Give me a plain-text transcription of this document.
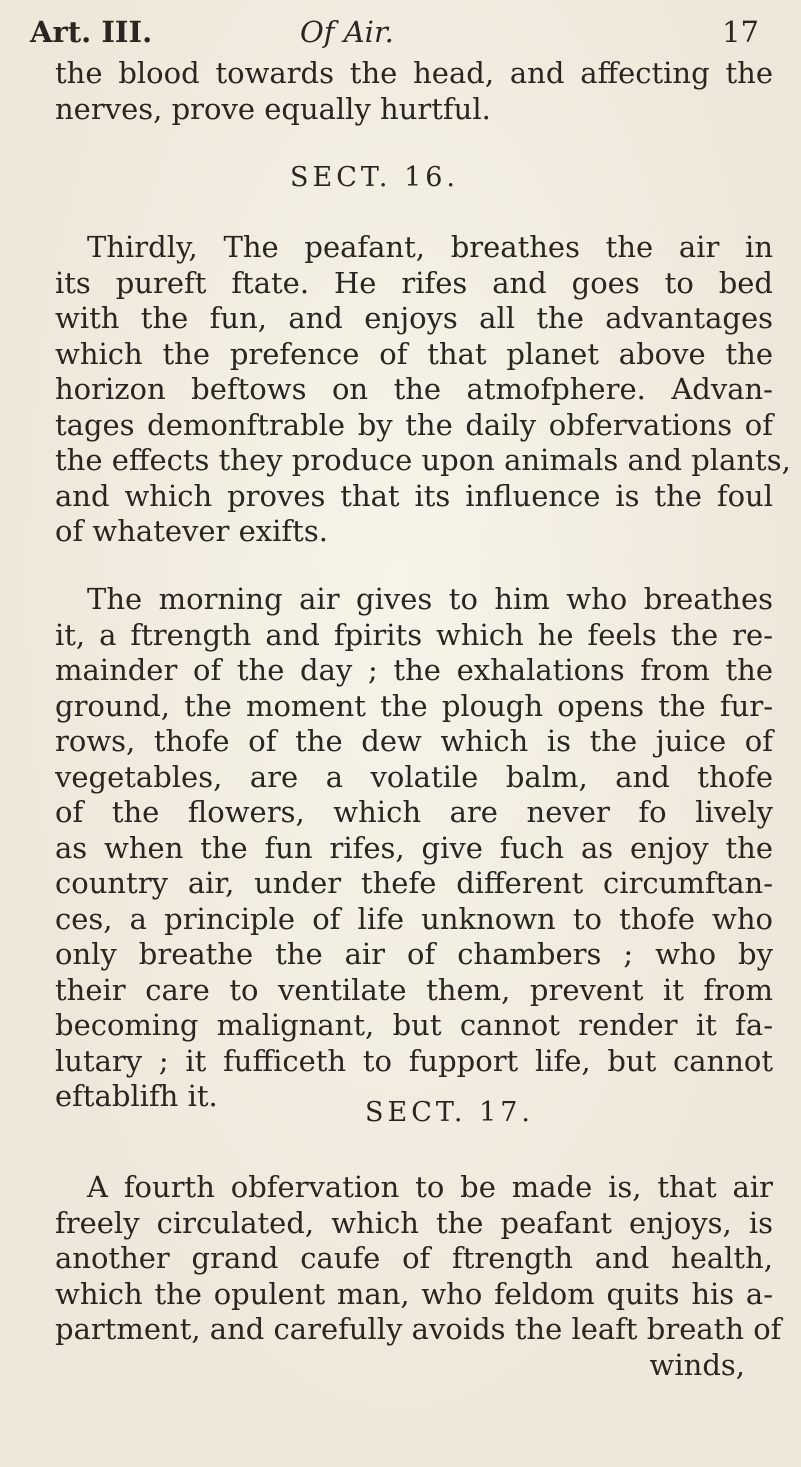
Art. III.	Of Air.	17
the blood towards the head, and affecting the
nerves, prove equally hurtful.
SECT. 16.
Thirdly, The peafant, breathes the air in
its pureft ftate. He rifes and goes to bed
with the fun, and enjoys all the advantages
which the prefence of that planet above the
horizon beftows on the atmofphere. Advan-
tages demonftrable by the daily obfervations of
the effects they produce upon animals and plants,
and which proves that its influence is the foul
of whatever exifts.
The morning air gives to him who breathes
it, a ftrength and fpirits which he feels the re-
mainder of the day ; the exhalations from the
ground, the moment the plough opens the fur-
rows, thofe of the dew which is the juice of
vegetables, are a volatile balm, and thofe
of the flowers, which are never fo lively
as when the fun rifes, give fuch as enjoy the
country air, under thefe different circumftan-
ces, a principle of life unknown to thofe who
only breathe the air of chambers ; who by
their care to ventilate them, prevent it from
becoming malignant, but cannot render it fa-
lutary ; it fufficeth to fupport life, but cannot
eftablifh it.	SECT. 17.
A fourth obfervation to be made is, that air
freely circulated, which the peafant enjoys, is
another grand caufe of ftrength and health,
which the opulent man, who feldom quits his a-
partment, and carefully avoids the leaft breath of
winds,
